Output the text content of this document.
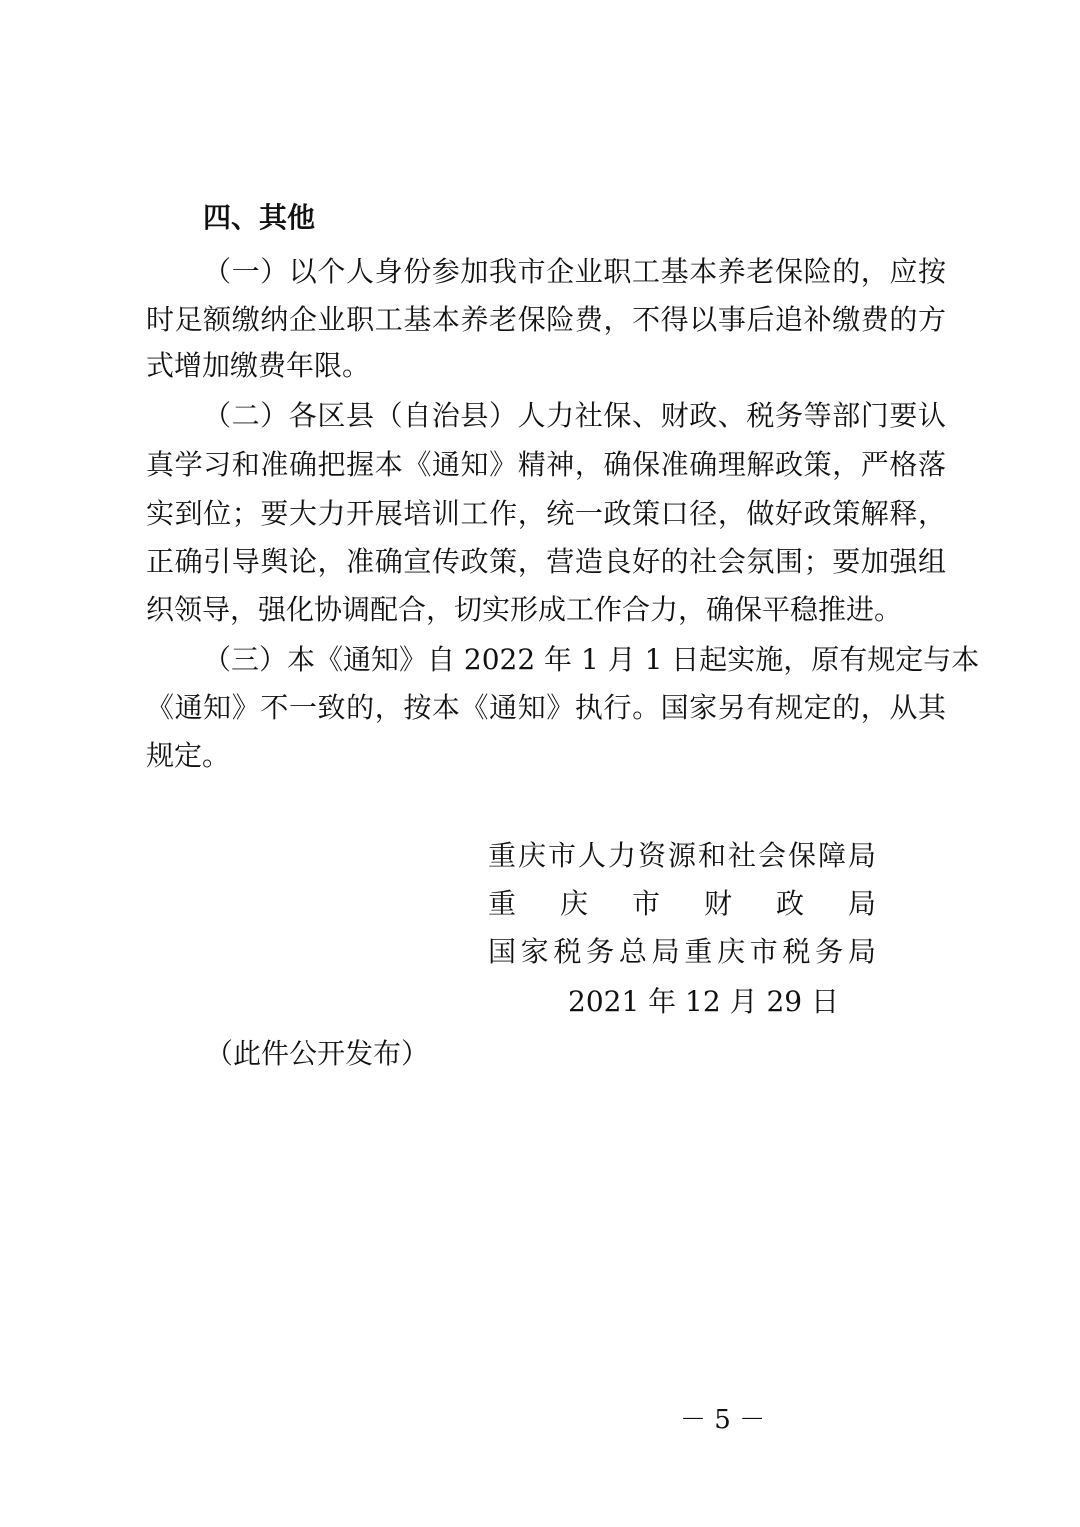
四、其他
（一）以个人身份参加我市企业职工基本养老保险的，应按
时足额缴纳企业职工基本养老保险费，不得以事后追补缴费的方
式增加缴费年限。
（二）各区县（自治县）人力社保、财政、税务等部门要认
真学习和准确把握本《通知》精神，确保准确理解政策，严格落
实到位；要大力开展培训工作，统一政策口径，做好政策解释，
正确引导舆论，准确宣传政策，营造良好的社会氛围；要加强组
织领导，强化协调配合，切实形成工作合力，确保平稳推进。
（三）本《通知》自 2022 年 1 月 1 日起实施，原有规定与本
《通知》不一致的，按本《通知》执行。国家另有规定的，从其
规定。
重庆市人力资源和社会保障局
重庆市财政局
国家税务总局重庆市税务局
2021 年 12 月 29 日
（此件公开发布）
－ 5 －
